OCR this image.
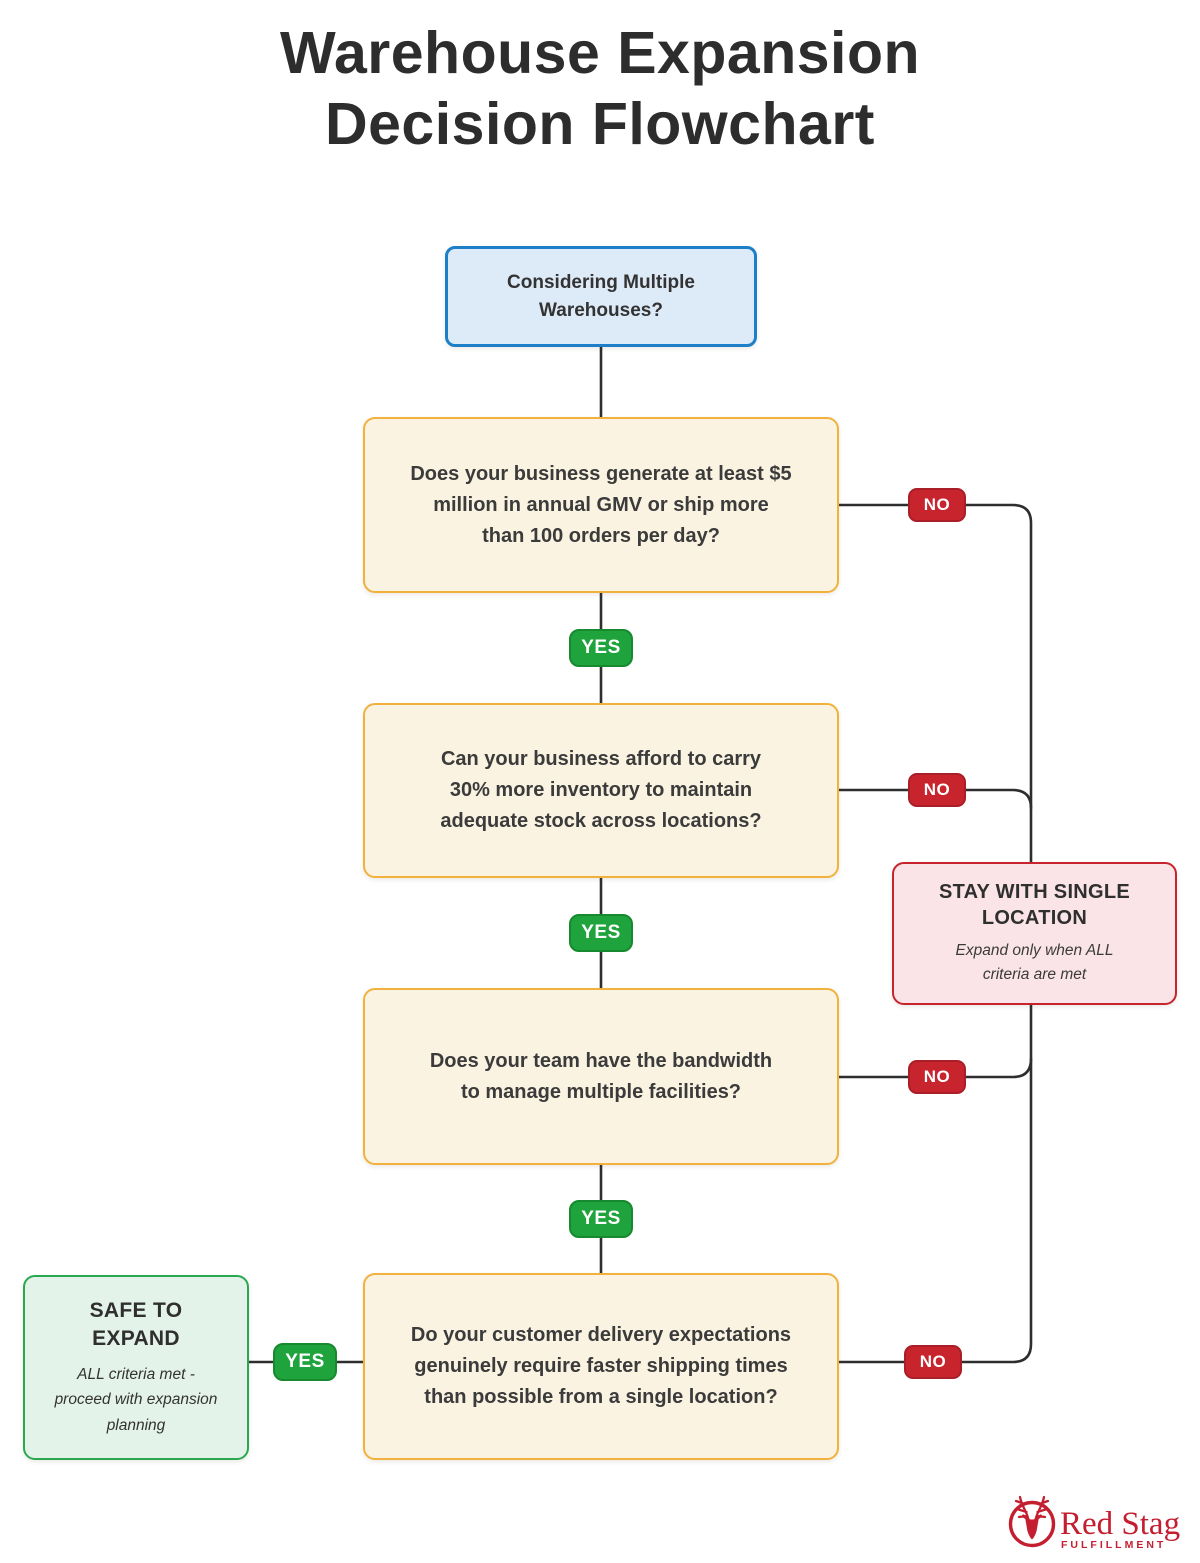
Warehouse Expansion Decision Flowchart
Considering Multiple Warehouses?
Does your business generate at least $5 million in annual GMV or ship more than 100 orders per day?
Can your business afford to carry 30% more inventory to maintain adequate stock across locations?
Does your team have the bandwidth to manage multiple facilities?
Do your customer delivery expectations genuinely require faster shipping times than possible from a single location?
STAY WITH SINGLE LOCATION
Expand only when ALL criteria are met
SAFE TO EXPAND
ALL criteria met - proceed with expansion planning
YES
YES
YES
YES
NO
NO
NO
NO
Red Stag
FULFILLMENT
